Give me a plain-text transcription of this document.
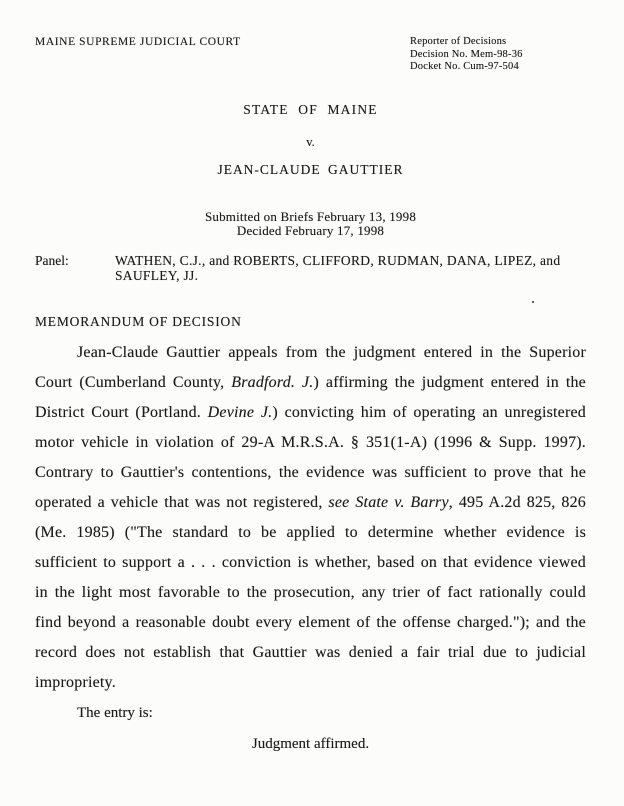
MAINE SUPREME JUDICIAL COURT	Reporter of Decisions
Decision No. Mem-98-36
Docket No. Cum-97-504
STATE OF MAINE
v.
JEAN-CLAUDE GAUTTIER
Submitted on Briefs February 13, 1998
Decided February 17, 1998
Panel:	WATHEN, C.J., and ROBERTS, CLIFFORD, RUDMAN, DANA, LIPEZ, and SAUFLEY, JJ.
MEMORANDUM OF DECISION

Jean-Claude Gauttier appeals from the judgment entered in the Superior Court (Cumberland County, Bradford. J.) affirming the judgment entered in the District Court (Portland. Devine J.) convicting him of operating an unregistered motor vehicle in violation of 29-A M.R.S.A. § 351(1-A) (1996 & Supp. 1997). Contrary to Gauttier's contentions, the evidence was sufficient to prove that he operated a vehicle that was not registered, see State v. Barry, 495 A.2d 825, 826 (Me. 1985) ("The standard to be applied to determine whether evidence is sufficient to support a . . . conviction is whether, based on that evidence viewed in the light most favorable to the prosecution, any trier of fact rationally could find beyond a reasonable doubt every element of the offense charged."); and the record does not establish that Gauttier was denied a fair trial due to judicial impropriety.

The entry is:
Judgment affirmed.
